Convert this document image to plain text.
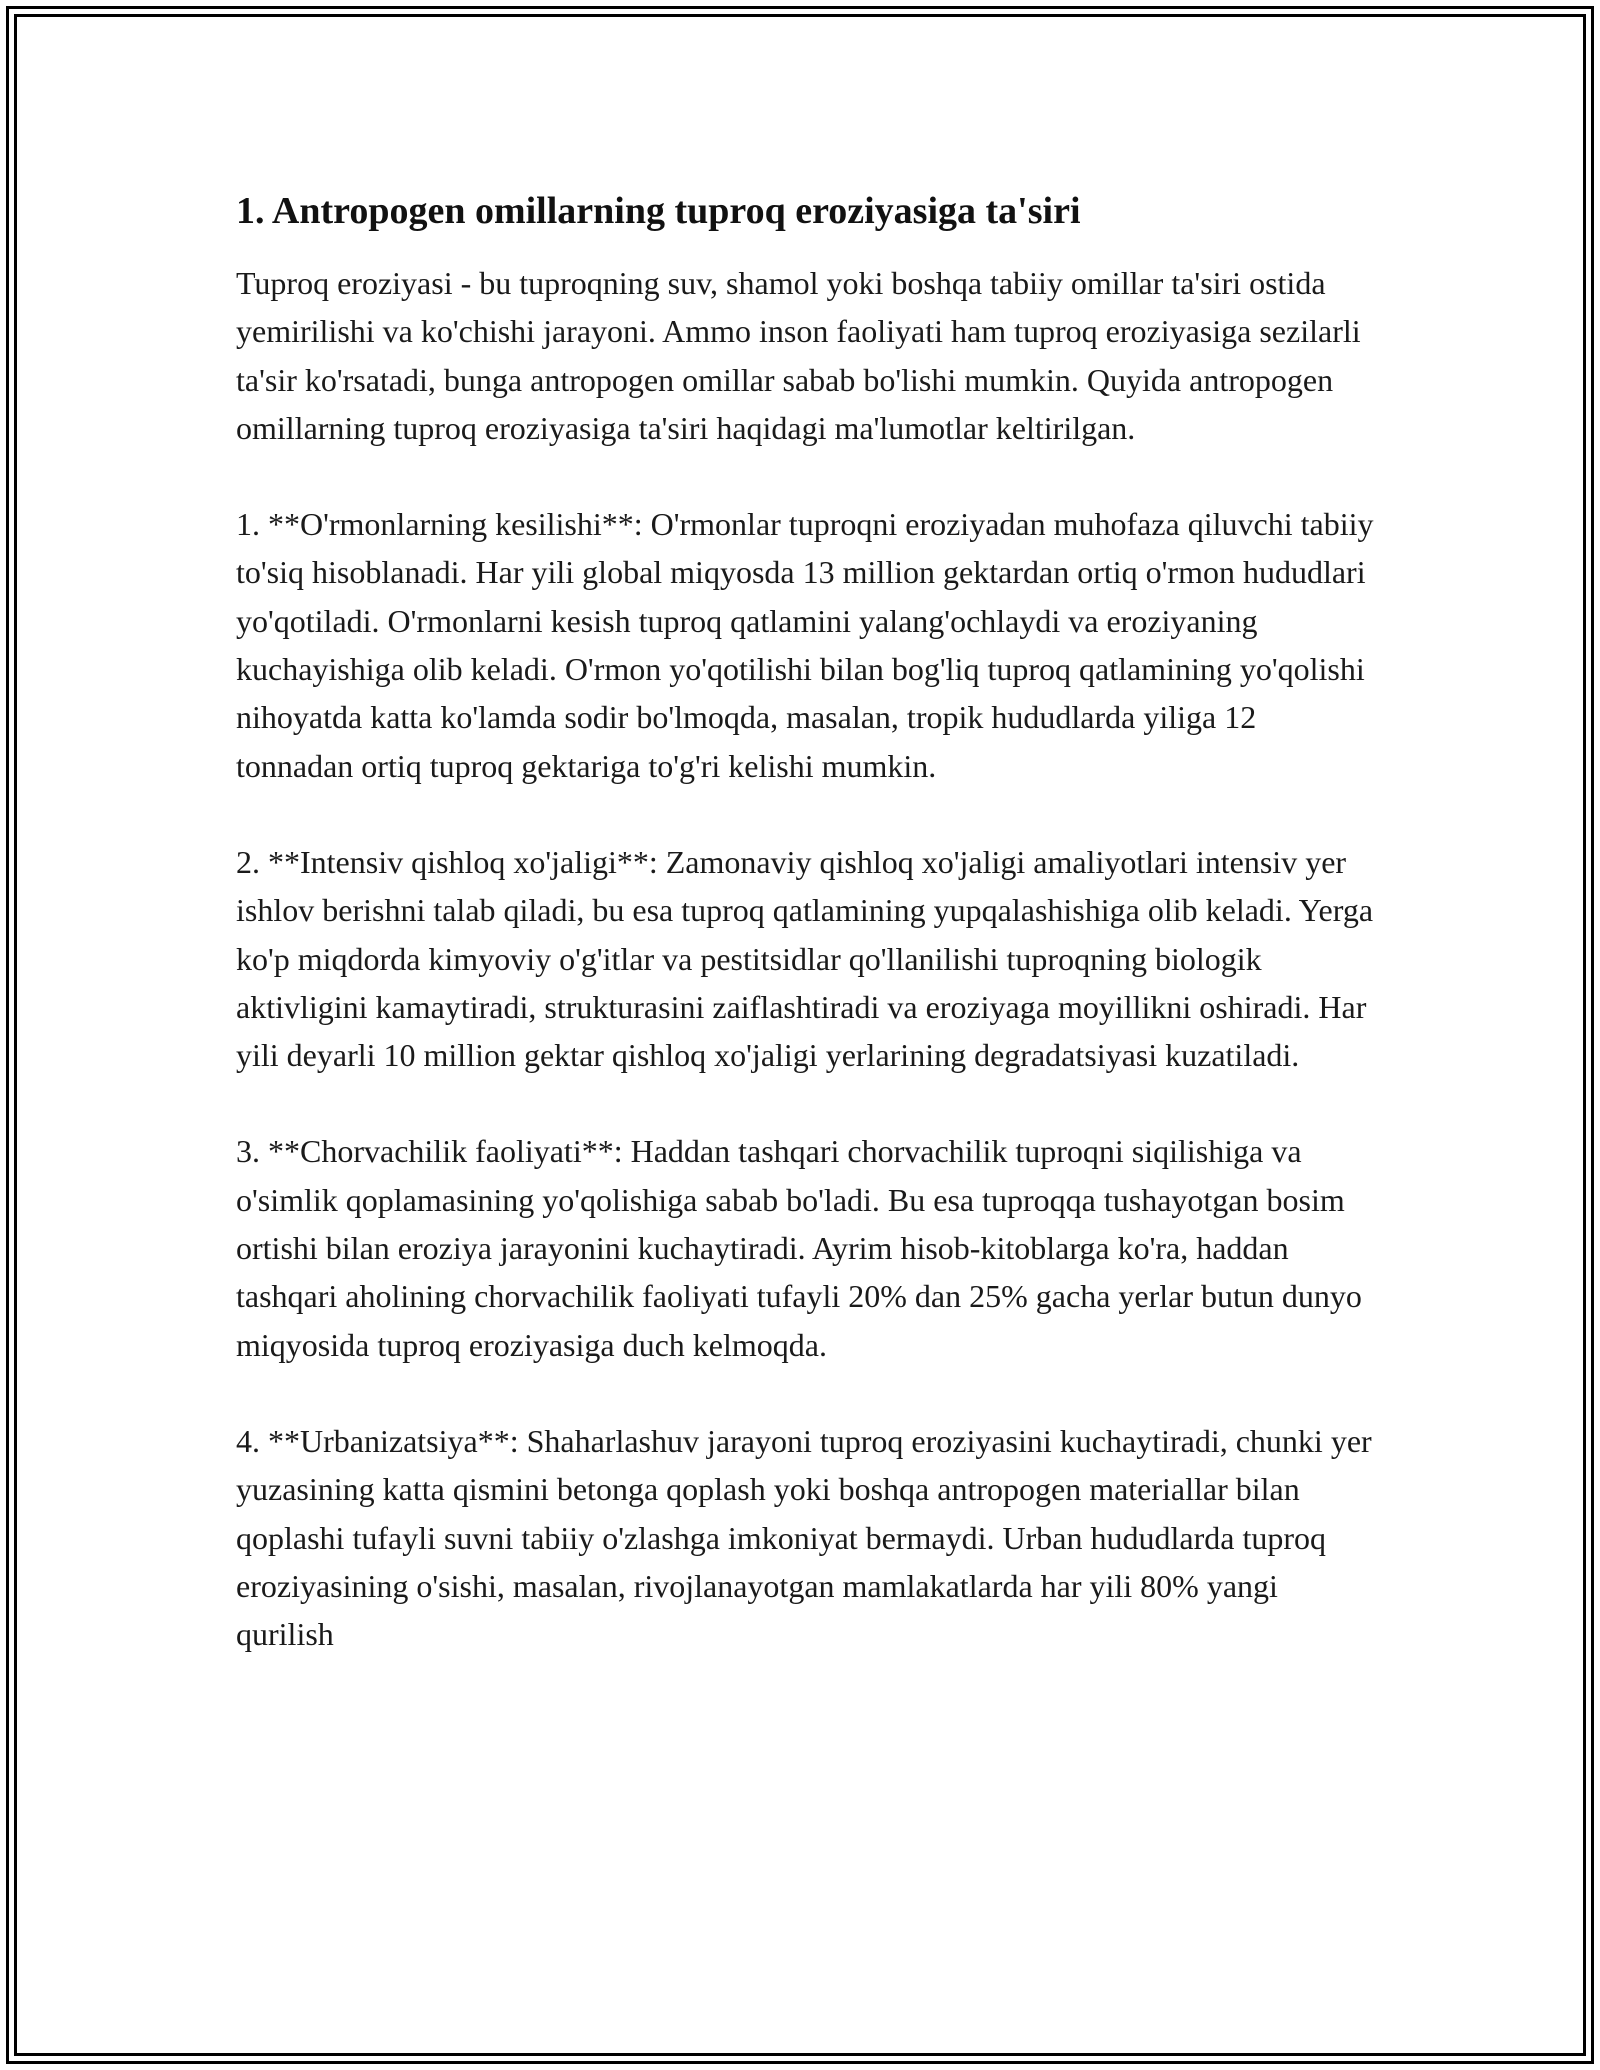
1. Antropogen omillarning tuproq eroziyasiga ta'siri

Tuproq eroziyasi - bu tuproqning suv, shamol yoki boshqa tabiiy omillar ta'siri ostida yemirilishi va ko'chishi jarayoni. Ammo inson faoliyati ham tuproq eroziyasiga sezilarli ta'sir ko'rsatadi, bunga antropogen omillar sabab bo'lishi mumkin. Quyida antropogen omillarning tuproq eroziyasiga ta'siri haqidagi ma'lumotlar keltirilgan.

1. **O'rmonlarning kesilishi**: O'rmonlar tuproqni eroziyadan muhofaza qiluvchi tabiiy to'siq hisoblanadi. Har yili global miqyosda 13 million gektardan ortiq o'rmon hududlari yo'qotiladi. O'rmonlarni kesish tuproq qatlamini yalang'ochlaydi va eroziyaning kuchayishiga olib keladi. O'rmon yo'qotilishi bilan bog'liq tuproq qatlamining yo'qolishi nihoyatda katta ko'lamda sodir bo'lmoqda, masalan, tropik hududlarda yiliga 12 tonnadan ortiq tuproq gektariga to'g'ri kelishi mumkin.

2. **Intensiv qishloq xo'jaligi**: Zamonaviy qishloq xo'jaligi amaliyotlari intensiv yer ishlov berishni talab qiladi, bu esa tuproq qatlamining yupqalashishiga olib keladi. Yerga ko'p miqdorda kimyoviy o'g'itlar va pestitsidlar qo'llanilishi tuproqning biologik aktivligini kamaytiradi, strukturasini zaiflashtiradi va eroziyaga moyillikni oshiradi. Har yili deyarli 10 million gektar qishloq xo'jaligi yerlarining degradatsiyasi kuzatiladi.

3. **Chorvachilik faoliyati**: Haddan tashqari chorvachilik tuproqni siqilishiga va o'simlik qoplamasining yo'qolishiga sabab bo'ladi. Bu esa tuproqqa tushayotgan bosim ortishi bilan eroziya jarayonini kuchaytiradi. Ayrim hisob-kitoblarga ko'ra, haddan tashqari aholining chorvachilik faoliyati tufayli 20% dan 25% gacha yerlar butun dunyo miqyosida tuproq eroziyasiga duch kelmoqda.

4. **Urbanizatsiya**: Shaharlashuv jarayoni tuproq eroziyasini kuchaytiradi, chunki yer yuzasining katta qismini betonga qoplash yoki boshqa antropogen materiallar bilan qoplashi tufayli suvni tabiiy o'zlashga imkoniyat bermaydi. Urban hududlarda tuproq eroziyasining o'sishi, masalan, rivojlanayotgan mamlakatlarda har yili 80% yangi qurilish
